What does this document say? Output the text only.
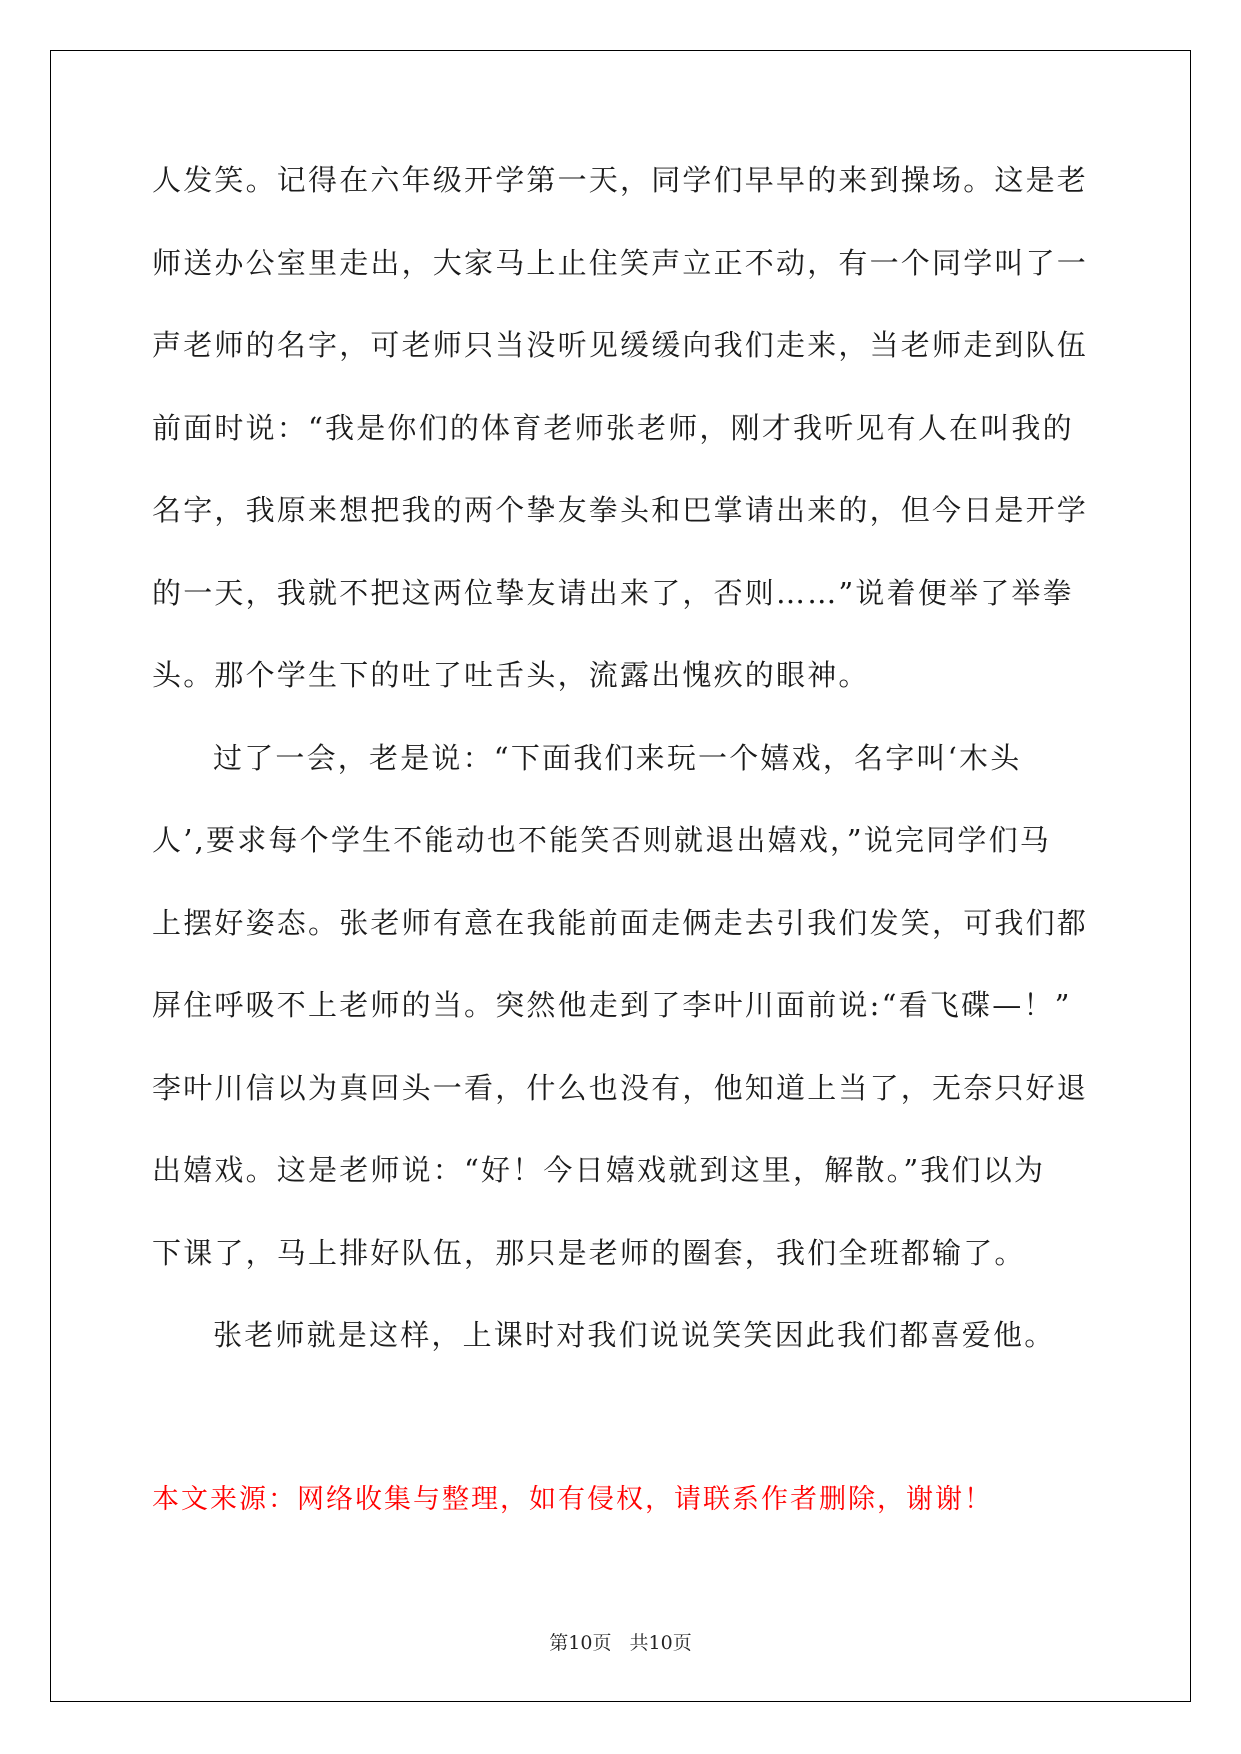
人发笑。记得在六年级开学第一天，同学们早早的来到操场。这是老
师送办公室里走出，大家马上止住笑声立正不动，有一个同学叫了一
声老师的名字，可老师只当没听见缓缓向我们走来，当老师走到队伍
前面时说：“我是你们的体育老师张老师，刚才我听见有人在叫我的
名字，我原来想把我的两个挚友拳头和巴掌请出来的，但今日是开学
的一天，我就不把这两位挚友请出来了，否则……”说着便举了举拳
头。那个学生下的吐了吐舌头，流露出愧疚的眼神。
过了一会，老是说：“下面我们来玩一个嬉戏，名字叫‘木头
人’,要求每个学生不能动也不能笑否则就退出嬉戏，”说完同学们马
上摆好姿态。张老师有意在我能前面走俩走去引我们发笑，可我们都
屏住呼吸不上老师的当。突然他走到了李叶川面前说:“看飞碟—！”
李叶川信以为真回头一看，什么也没有，他知道上当了，无奈只好退
出嬉戏。这是老师说：“好！今日嬉戏就到这里，解散。”我们以为
下课了，马上排好队伍，那只是老师的圈套，我们全班都输了。
张老师就是这样，上课时对我们说说笑笑因此我们都喜爱他。
本文来源：网络收集与整理，如有侵权，请联系作者删除，谢谢！
第10页 共10页
